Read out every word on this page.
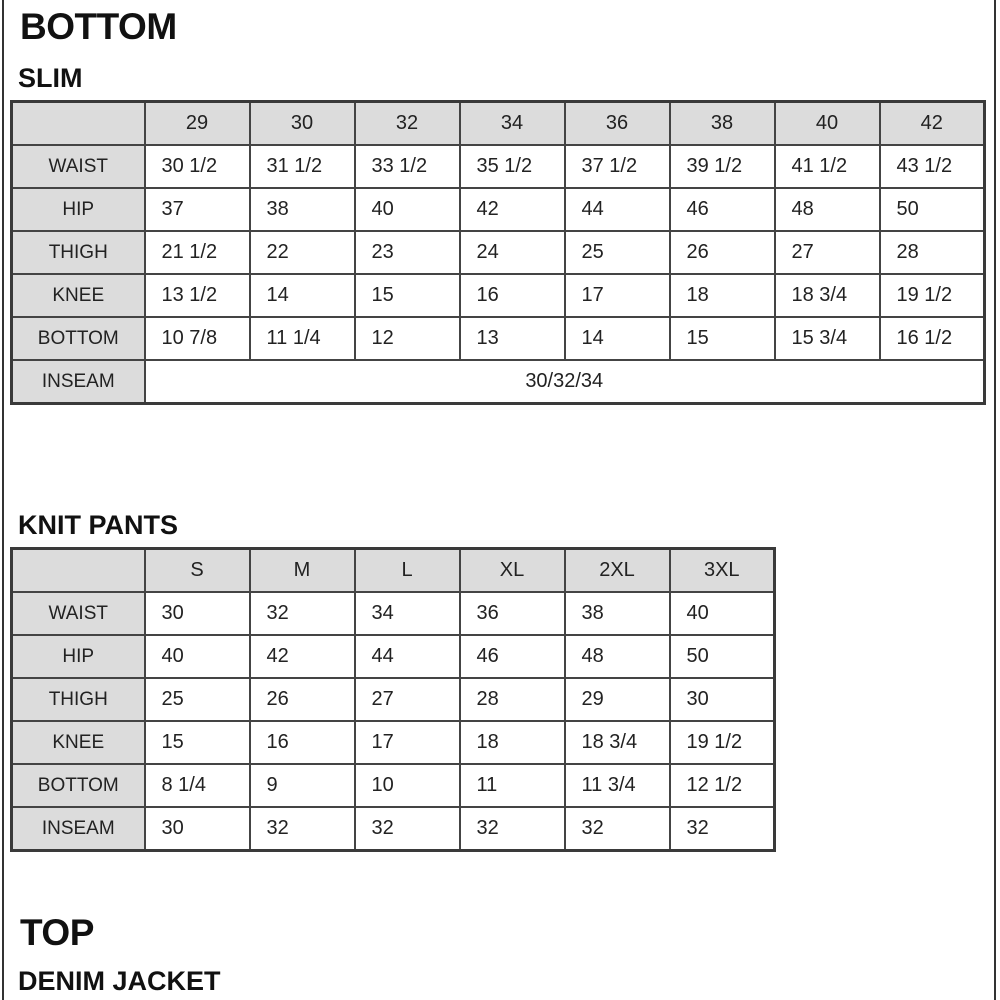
BOTTOM
SLIM
	29	30	32	34	36	38	40	42
WAIST	30 1/2	31 1/2	33 1/2	35 1/2	37 1/2	39 1/2	41 1/2	43 1/2
HIP	37	38	40	42	44	46	48	50
THIGH	21 1/2	22	23	24	25	26	27	28
KNEE	13 1/2	14	15	16	17	18	18 3/4	19 1/2
BOTTOM	10 7/8	11 1/4	12	13	14	15	15 3/4	16 1/2
INSEAM	30/32/34							
KNIT PANTS
	S	M	L	XL	2XL	3XL
WAIST	30	32	34	36	38	40
HIP	40	42	44	46	48	50
THIGH	25	26	27	28	29	30
KNEE	15	16	17	18	18 3/4	19 1/2
BOTTOM	8 1/4	9	10	11	11 3/4	12 1/2
INSEAM	30	32	32	32	32	32
TOP
DENIM JACKET
